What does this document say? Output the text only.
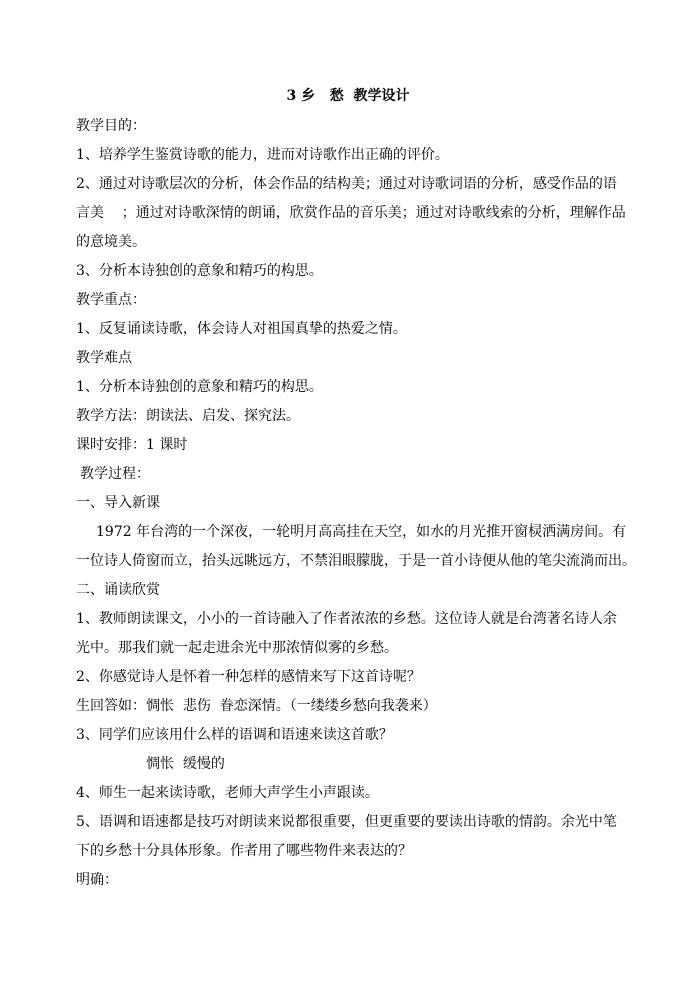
3 乡   愁  教学设计
教学目的：
1、培养学生鉴赏诗歌的能力，进而对诗歌作出正确的评价。
2、通过对诗歌层次的分析，体会作品的结构美；通过对诗歌词语的分析，感受作品的语
言美    ；通过对诗歌深情的朗诵，欣赏作品的音乐美；通过对诗歌线索的分析，理解作品
的意境美。
3、分析本诗独创的意象和精巧的构思。
教学重点：
1、反复诵读诗歌，体会诗人对祖国真挚的热爱之情。
教学难点
1、分析本诗独创的意象和精巧的构思。
教学方法：朗读法、启发、探究法。
课时安排：1 课时
教学过程：
一、导入新课
1972 年台湾的一个深夜，一轮明月高高挂在天空，如水的月光推开窗棂洒满房间。有
一位诗人倚窗而立，抬头远眺远方，不禁泪眼朦胧，于是一首小诗便从他的笔尖流淌而出。
二、诵读欣赏
1、教师朗读课文，小小的一首诗融入了作者浓浓的乡愁。这位诗人就是台湾著名诗人余
光中。那我们就一起走进余光中那浓情似雾的乡愁。
2、你感觉诗人是怀着一种怎样的感情来写下这首诗呢？
生回答如：惆怅  悲伤  眷恋深情。（一缕缕乡愁向我袭来）
3、同学们应该用什么样的语调和语速来读这首歌？
惆怅  缓慢的
4、师生一起来读诗歌，老师大声学生小声跟读。
5、语调和语速都是技巧对朗读来说都很重要，但更重要的要读出诗歌的情韵。余光中笔
下的乡愁十分具体形象。作者用了哪些物件来表达的？
明确：
